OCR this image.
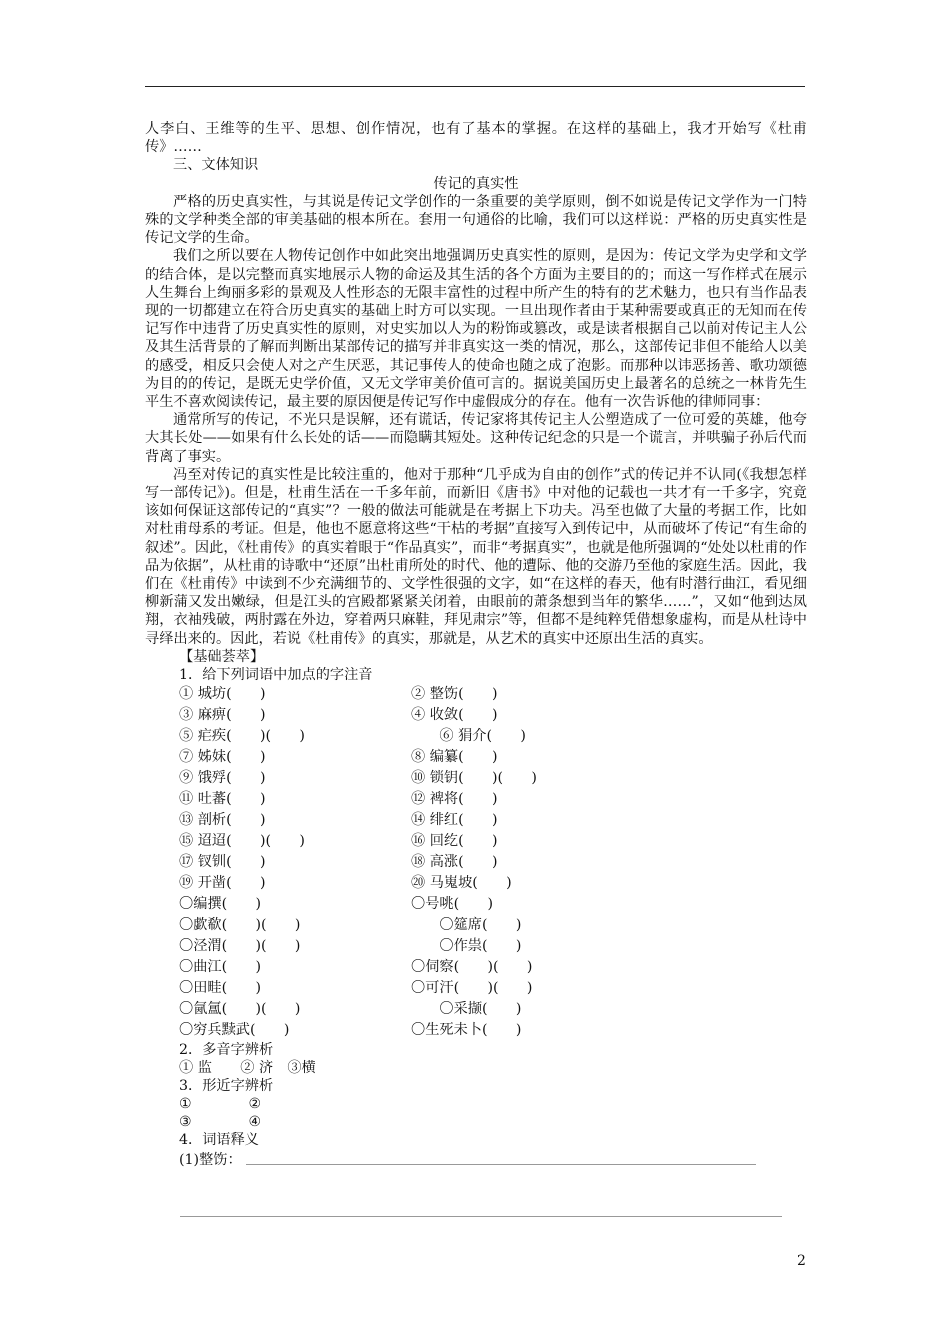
人李白、王维等的生平、思想、创作情况，也有了基本的掌握。在这样的基础上，我才开始写《杜甫传》……

三、文体知识

传记的真实性

严格的历史真实性，与其说是传记文学创作的一条重要的美学原则，倒不如说是传记文学作为一门特殊的文学种类全部的审美基础的根本所在。套用一句通俗的比喻，我们可以这样说：严格的历史真实性是传记文学的生命。

我们之所以要在人物传记创作中如此突出地强调历史真实性的原则，是因为：传记文学为史学和文学的结合体，是以完整而真实地展示人物的命运及其生活的各个方面为主要目的的；而这一写作样式在展示人生舞台上绚丽多彩的景观及人性形态的无限丰富性的过程中所产生的特有的艺术魅力，也只有当作品表现的一切都建立在符合历史真实的基础上时方可以实现。一旦出现作者由于某种需要或真正的无知而在传记写作中违背了历史真实性的原则，对史实加以人为的粉饰或篡改，或是读者根据自己以前对传记主人公及其生活背景的了解而判断出某部传记的描写并非真实这一类的情况，那么，这部传记非但不能给人以美的感受，相反只会使人对之产生厌恶，其记事传人的使命也随之成了泡影。而那种以讳恶扬善、歌功颂德为目的的传记，是既无史学价值，又无文学审美价值可言的。据说美国历史上最著名的总统之一林肯先生平生不喜欢阅读传记，最主要的原因便是传记写作中虚假成分的存在。他有一次告诉他的律师同事：

通常所写的传记，不光只是误解，还有谎话，传记家将其传记主人公塑造成了一位可爱的英雄，他夸大其长处——如果有什么长处的话——而隐瞒其短处。这种传记纪念的只是一个谎言，并哄骗子孙后代而背离了事实。

冯至对传记的真实性是比较注重的，他对于那种“几乎成为自由的创作”式的传记并不认同(《我想怎样写一部传记》)。但是，杜甫生活在一千多年前，而新旧《唐书》中对他的记载也一共才有一千多字，究竟该如何保证这部传记的“真实”？一般的做法可能就是在考据上下功夫。冯至也做了大量的考据工作，比如对杜甫母系的考证。但是，他也不愿意将这些“干枯的考据”直接写入到传记中，从而破坏了传记“有生命的叙述”。因此，《杜甫传》的真实着眼于“作品真实”，而非“考据真实”，也就是他所强调的“处处以杜甫的作品为依据”，从杜甫的诗歌中“还原”出杜甫所处的时代、他的遭际、他的交游乃至他的家庭生活。因此，我们在《杜甫传》中读到不少充满细节的、文学性很强的文字，如“在这样的春天，他有时潜行曲江，看见细柳新蒲又发出嫩绿，但是江头的宫殿都紧紧关闭着，由眼前的萧条想到当年的繁华……”，又如“他到达凤翔，衣袖残破，两肘露在外边，穿着两只麻鞋，拜见肃宗”等，但都不是纯粹凭借想象虚构，而是从杜诗中寻绎出来的。因此，若说《杜甫传》的真实，那就是，从艺术的真实中还原出生活的真实。

【基础荟萃】

1．给下列词语中加点的字注音

① 城坊(　　)	② 整饬(　　)
③ 麻痹(　　)	④ 收敛(　　)
⑤ 疟疾(　　)(　　)	　　⑥ 狷介(　　)
⑦ 姊妹(　　)	⑧ 编纂(　　)
⑨ 饿殍(　　)	⑩ 锁钥(　　)(　　)
⑪ 吐蕃(　　)	⑫ 裨将(　　)
⑬ 剖析(　　)	⑭ 绯红(　　)
⑮ 迢迢(　　)(　　)	⑯ 回纥(　　)
⑰ 钗钏(　　)	⑱ 高涨(　　)
⑲ 开凿(　　)	⑳ 马嵬坡(　　)
〇编撰(　　)	〇号咷(　　)
〇歔欷(　　)(　　)	　　〇筵席(　　)
〇泾渭(　　)(　　)	　　〇作祟(　　)
〇曲江(　　)	〇伺察(　　)(　　)
〇田畦(　　)	〇可汗(　　)(　　)
〇氤氲(　　)(　　)	　　〇采撷(　　)
〇穷兵黩武(　　)	〇生死未卜(　　)

2．多音字辨析

① 监　　② 济　③横

3．形近字辨析

①　　　　②

③　　　　④

4．词语释义

(1)整饬：
2
